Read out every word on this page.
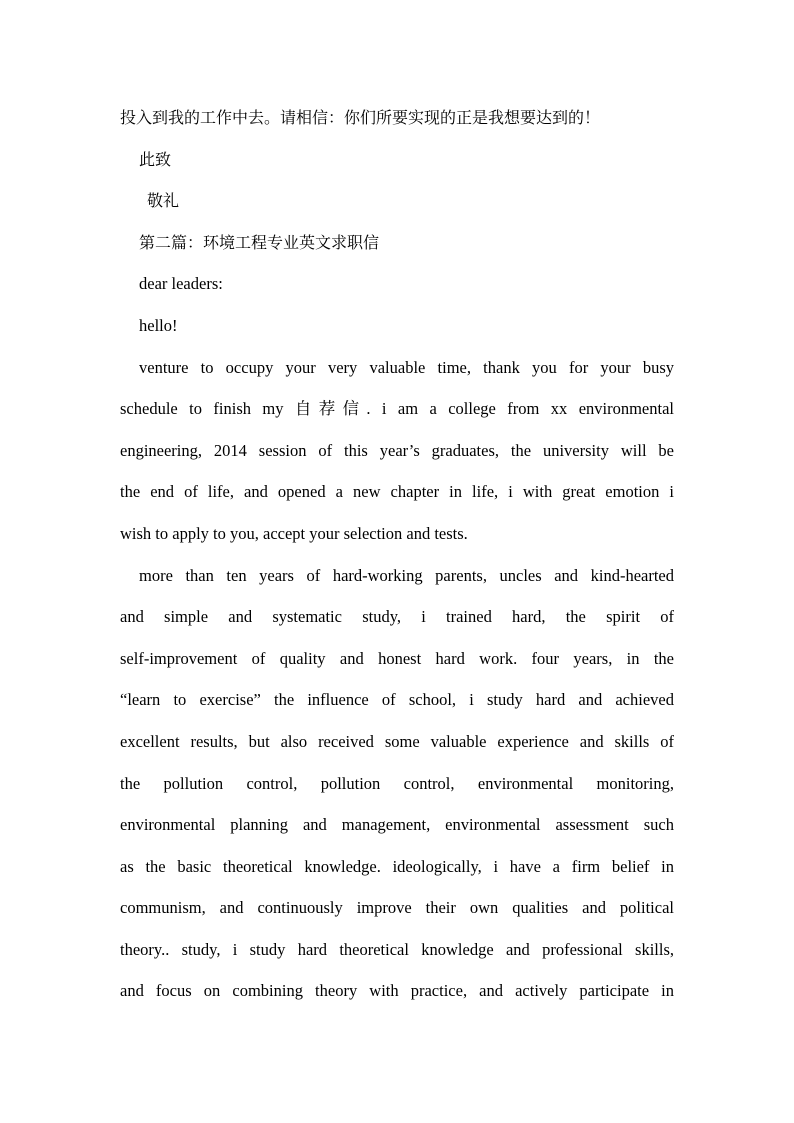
投入到我的工作中去。请相信：你们所要实现的正是我想要达到的！
此致
敬礼
第二篇：环境工程专业英文求职信
dear leaders:
hello!
venture to occupy your very valuable time, thank you for your busy
schedule to finish my 自荐信. i am a college from xx environmental
engineering, 2014 session of this year’s graduates, the university will be
the end of life, and opened a new chapter in life, i with great emotion i
wish to apply to you, accept your selection and tests.
more than ten years of hard-working parents, uncles and kind-hearted
and simple and systematic study, i trained hard, the spirit of
self-improvement of quality and honest hard work. four years, in the
“learn to exercise” the influence of school, i study hard and achieved
excellent results, but also received some valuable experience and skills of
the pollution control, pollution control, environmental monitoring,
environmental planning and management, environmental assessment such
as the basic theoretical knowledge. ideologically, i have a firm belief in
communism, and continuously improve their own qualities and political
theory.. study, i study hard theoretical knowledge and professional skills,
and focus on combining theory with practice, and actively participate in
